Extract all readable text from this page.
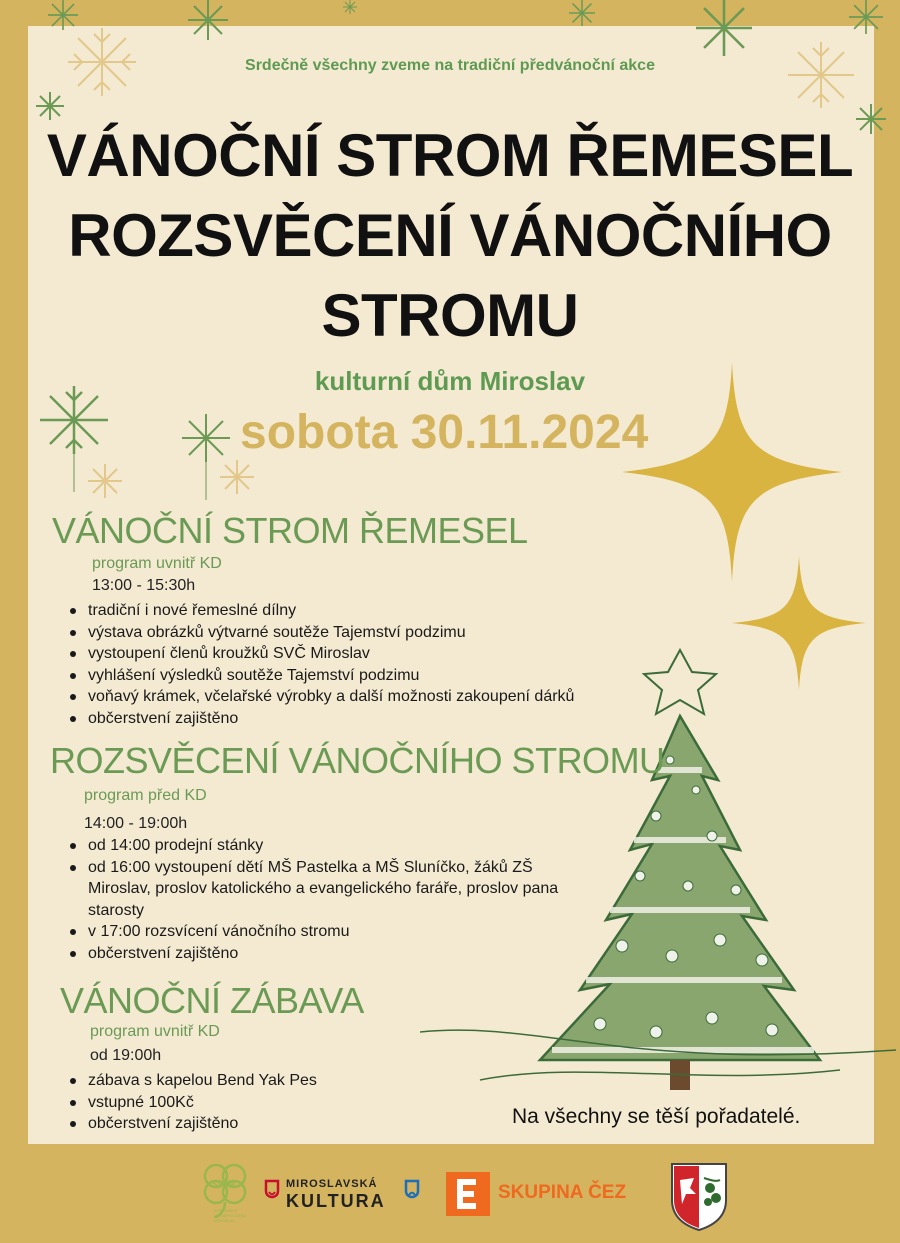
Srdečně všechny zveme na tradiční předvánoční akce
VÁNOČNÍ STROM ŘEMESEL
ROZSVĚCENÍ VÁNOČNÍHO
STROMU
kulturní dům Miroslav
sobota 30.11.2024
VÁNOČNÍ STROM ŘEMESEL
program uvnitř KD
13:00 - 15:30h
tradiční i nové řemeslné dílny
výstava obrázků výtvarné soutěže Tajemství podzimu
vystoupení členů kroužků SVČ Miroslav
vyhlášení výsledků soutěže Tajemství podzimu
voňavý krámek, včelařské výrobky a další možnosti zakoupení dárků
občerstvení zajištěno
ROZSVĚCENÍ VÁNOČNÍHO STROMU
program před KD
14:00 - 19:00h
od 14:00 prodejní stánky
od 16:00 vystoupení dětí MŠ Pastelka a MŠ Sluníčko, žáků ZŠ Miroslav, proslov katolického a evangelického faráře, proslov pana starosty
v 17:00 rozsvícení vánočního stromu
občerstvení zajištěno
VÁNOČNÍ ZÁBAVA
program uvnitř KD
od 19:00h
zábava s kapelou Bend Yak Pes
vstupné 100Kč
občerstvení zajištěno	Na všechny se těší pořadatelé.
SVČM
STŘEDISKO VOLNÉHO ČASU MIROSLAV
MIROSLAVSKÁ
KULTURA	SKUPINA ČEZ
